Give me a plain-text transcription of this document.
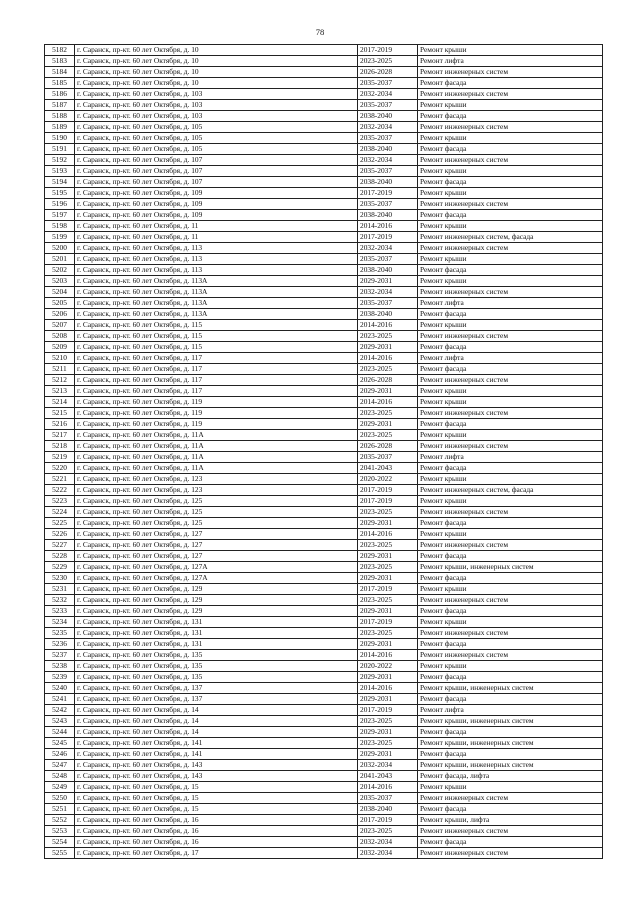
78
5182	г. Саранск, пр-кт. 60 лет Октября, д. 10	2017-2019	Ремонт крыши
5183	г. Саранск, пр-кт. 60 лет Октября, д. 10	2023-2025	Ремонт лифта
5184	г. Саранск, пр-кт. 60 лет Октября, д. 10	2026-2028	Ремонт инженерных систем
5185	г. Саранск, пр-кт. 60 лет Октября, д. 10	2035-2037	Ремонт фасада
5186	г. Саранск, пр-кт. 60 лет Октября, д. 103	2032-2034	Ремонт инженерных систем
5187	г. Саранск, пр-кт. 60 лет Октября, д. 103	2035-2037	Ремонт крыши
5188	г. Саранск, пр-кт. 60 лет Октября, д. 103	2038-2040	Ремонт фасада
5189	г. Саранск, пр-кт. 60 лет Октября, д. 105	2032-2034	Ремонт инженерных систем
5190	г. Саранск, пр-кт. 60 лет Октября, д. 105	2035-2037	Ремонт крыши
5191	г. Саранск, пр-кт. 60 лет Октября, д. 105	2038-2040	Ремонт фасада
5192	г. Саранск, пр-кт. 60 лет Октября, д. 107	2032-2034	Ремонт инженерных систем
5193	г. Саранск, пр-кт. 60 лет Октября, д. 107	2035-2037	Ремонт крыши
5194	г. Саранск, пр-кт. 60 лет Октября, д. 107	2038-2040	Ремонт фасада
5195	г. Саранск, пр-кт. 60 лет Октября, д. 109	2017-2019	Ремонт крыши
5196	г. Саранск, пр-кт. 60 лет Октября, д. 109	2035-2037	Ремонт инженерных систем
5197	г. Саранск, пр-кт. 60 лет Октября, д. 109	2038-2040	Ремонт фасада
5198	г. Саранск, пр-кт. 60 лет Октября, д. 11	2014-2016	Ремонт крыши
5199	г. Саранск, пр-кт. 60 лет Октября, д. 11	2017-2019	Ремонт инженерных систем, фасада
5200	г. Саранск, пр-кт. 60 лет Октября, д. 113	2032-2034	Ремонт инженерных систем
5201	г. Саранск, пр-кт. 60 лет Октября, д. 113	2035-2037	Ремонт крыши
5202	г. Саранск, пр-кт. 60 лет Октября, д. 113	2038-2040	Ремонт фасада
5203	г. Саранск, пр-кт. 60 лет Октября, д. 113А	2029-2031	Ремонт крыши
5204	г. Саранск, пр-кт. 60 лет Октября, д. 113А	2032-2034	Ремонт инженерных систем
5205	г. Саранск, пр-кт. 60 лет Октября, д. 113А	2035-2037	Ремонт лифта
5206	г. Саранск, пр-кт. 60 лет Октября, д. 113А	2038-2040	Ремонт фасада
5207	г. Саранск, пр-кт. 60 лет Октября, д. 115	2014-2016	Ремонт крыши
5208	г. Саранск, пр-кт. 60 лет Октября, д. 115	2023-2025	Ремонт инженерных систем
5209	г. Саранск, пр-кт. 60 лет Октября, д. 115	2029-2031	Ремонт фасада
5210	г. Саранск, пр-кт. 60 лет Октября, д. 117	2014-2016	Ремонт лифта
5211	г. Саранск, пр-кт. 60 лет Октября, д. 117	2023-2025	Ремонт фасада
5212	г. Саранск, пр-кт. 60 лет Октября, д. 117	2026-2028	Ремонт инженерных систем
5213	г. Саранск, пр-кт. 60 лет Октября, д. 117	2029-2031	Ремонт крыши
5214	г. Саранск, пр-кт. 60 лет Октября, д. 119	2014-2016	Ремонт крыши
5215	г. Саранск, пр-кт. 60 лет Октября, д. 119	2023-2025	Ремонт инженерных систем
5216	г. Саранск, пр-кт. 60 лет Октября, д. 119	2029-2031	Ремонт фасада
5217	г. Саранск, пр-кт. 60 лет Октября, д. 11А	2023-2025	Ремонт крыши
5218	г. Саранск, пр-кт. 60 лет Октября, д. 11А	2026-2028	Ремонт инженерных систем
5219	г. Саранск, пр-кт. 60 лет Октября, д. 11А	2035-2037	Ремонт лифта
5220	г. Саранск, пр-кт. 60 лет Октября, д. 11А	2041-2043	Ремонт фасада
5221	г. Саранск, пр-кт. 60 лет Октября, д. 123	2020-2022	Ремонт крыши
5222	г. Саранск, пр-кт. 60 лет Октября, д. 123	2017-2019	Ремонт инженерных систем, фасада
5223	г. Саранск, пр-кт. 60 лет Октября, д. 125	2017-2019	Ремонт крыши
5224	г. Саранск, пр-кт. 60 лет Октября, д. 125	2023-2025	Ремонт инженерных систем
5225	г. Саранск, пр-кт. 60 лет Октября, д. 125	2029-2031	Ремонт фасада
5226	г. Саранск, пр-кт. 60 лет Октября, д. 127	2014-2016	Ремонт крыши
5227	г. Саранск, пр-кт. 60 лет Октября, д. 127	2023-2025	Ремонт инженерных систем
5228	г. Саранск, пр-кт. 60 лет Октября, д. 127	2029-2031	Ремонт фасада
5229	г. Саранск, пр-кт. 60 лет Октября, д. 127А	2023-2025	Ремонт крыши, инженерных систем
5230	г. Саранск, пр-кт. 60 лет Октября, д. 127А	2029-2031	Ремонт фасада
5231	г. Саранск, пр-кт. 60 лет Октября, д. 129	2017-2019	Ремонт крыши
5232	г. Саранск, пр-кт. 60 лет Октября, д. 129	2023-2025	Ремонт инженерных систем
5233	г. Саранск, пр-кт. 60 лет Октября, д. 129	2029-2031	Ремонт фасада
5234	г. Саранск, пр-кт. 60 лет Октября, д. 131	2017-2019	Ремонт крыши
5235	г. Саранск, пр-кт. 60 лет Октября, д. 131	2023-2025	Ремонт инженерных систем
5236	г. Саранск, пр-кт. 60 лет Октября, д. 131	2029-2031	Ремонт фасада
5237	г. Саранск, пр-кт. 60 лет Октября, д. 135	2014-2016	Ремонт инженерных систем
5238	г. Саранск, пр-кт. 60 лет Октября, д. 135	2020-2022	Ремонт крыши
5239	г. Саранск, пр-кт. 60 лет Октября, д. 135	2029-2031	Ремонт фасада
5240	г. Саранск, пр-кт. 60 лет Октября, д. 137	2014-2016	Ремонт крыши, инженерных систем
5241	г. Саранск, пр-кт. 60 лет Октября, д. 137	2029-2031	Ремонт фасада
5242	г. Саранск, пр-кт. 60 лет Октября, д. 14	2017-2019	Ремонт лифта
5243	г. Саранск, пр-кт. 60 лет Октября, д. 14	2023-2025	Ремонт крыши, инженерных систем
5244	г. Саранск, пр-кт. 60 лет Октября, д. 14	2029-2031	Ремонт фасада
5245	г. Саранск, пр-кт. 60 лет Октября, д. 141	2023-2025	Ремонт крыши, инженерных систем
5246	г. Саранск, пр-кт. 60 лет Октября, д. 141	2029-2031	Ремонт фасада
5247	г. Саранск, пр-кт. 60 лет Октября, д. 143	2032-2034	Ремонт крыши, инженерных систем
5248	г. Саранск, пр-кт. 60 лет Октября, д. 143	2041-2043	Ремонт фасада, лифта
5249	г. Саранск, пр-кт. 60 лет Октября, д. 15	2014-2016	Ремонт крыши
5250	г. Саранск, пр-кт. 60 лет Октября, д. 15	2035-2037	Ремонт инженерных систем
5251	г. Саранск, пр-кт. 60 лет Октября, д. 15	2038-2040	Ремонт фасада
5252	г. Саранск, пр-кт. 60 лет Октября, д. 16	2017-2019	Ремонт крыши, лифта
5253	г. Саранск, пр-кт. 60 лет Октября, д. 16	2023-2025	Ремонт инженерных систем
5254	г. Саранск, пр-кт. 60 лет Октября, д. 16	2032-2034	Ремонт фасада
5255	г. Саранск, пр-кт. 60 лет Октября, д. 17	2032-2034	Ремонт инженерных систем
